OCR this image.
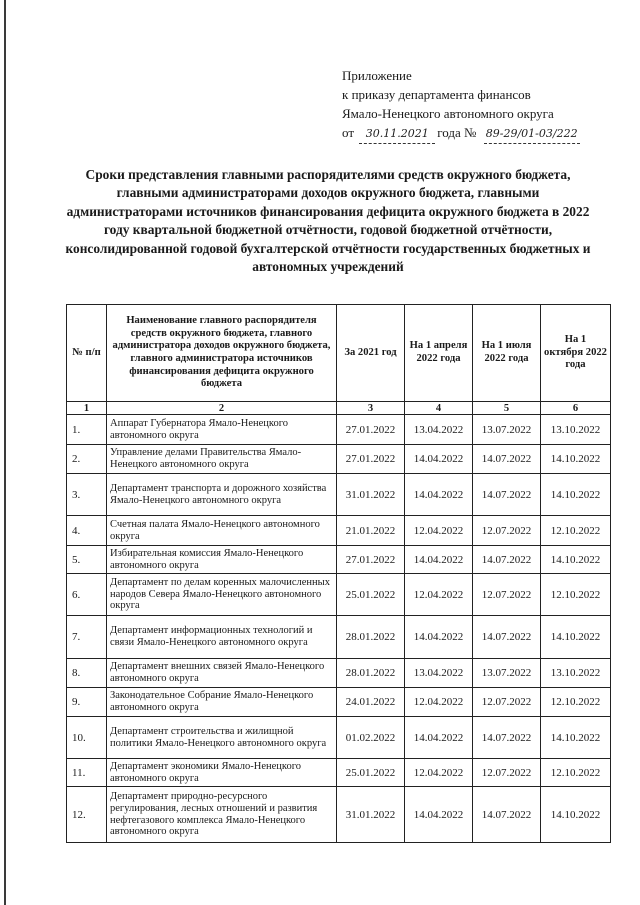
Приложение
к приказу департамента финансов
Ямало-Ненецкого автономного округа
от 30.11.2021 года № 89-29/01-03/222
Сроки представления главными распорядителями средств окружного бюджета, главными администраторами доходов окружного бюджета, главными администраторами источников финансирования дефицита окружного бюджета в 2022 году квартальной бюджетной отчётности, годовой бюджетной отчётности, консолидированной годовой бухгалтерской отчётности государственных бюджетных и автономных учреждений
№ п/п	Наименование главного распорядителя средств окружного бюджета, главного администратора доходов окружного бюджета, главного администратора источников финансирования дефицита окружного бюджета	За 2021 год	На 1 апреля 2022 года	На 1 июля 2022 года	На 1 октября 2022 года
1	2	3	4	5	6
1.	Аппарат Губернатора Ямало-Ненецкого автономного округа	27.01.2022	13.04.2022	13.07.2022	13.10.2022
2.	Управление делами Правительства Ямало-Ненецкого автономного округа	27.01.2022	14.04.2022	14.07.2022	14.10.2022
3.	Департамент транспорта и дорожного хозяйства Ямало-Ненецкого автономного округа	31.01.2022	14.04.2022	14.07.2022	14.10.2022
4.	Счетная палата Ямало-Ненецкого автономного округа	21.01.2022	12.04.2022	12.07.2022	12.10.2022
5.	Избирательная комиссия Ямало-Ненецкого автономного округа	27.01.2022	14.04.2022	14.07.2022	14.10.2022
6.	Департамент по делам коренных малочисленных народов Севера Ямало-Ненецкого автономного округа	25.01.2022	12.04.2022	12.07.2022	12.10.2022
7.	Департамент информационных технологий и связи Ямало-Ненецкого автономного округа	28.01.2022	14.04.2022	14.07.2022	14.10.2022
8.	Департамент внешних связей Ямало-Ненецкого автономного округа	28.01.2022	13.04.2022	13.07.2022	13.10.2022
9.	Законодательное Собрание Ямало-Ненецкого автономного округа	24.01.2022	12.04.2022	12.07.2022	12.10.2022
10.	Департамент строительства и жилищной политики Ямало-Ненецкого автономного округа	01.02.2022	14.04.2022	14.07.2022	14.10.2022
11.	Департамент экономики Ямало-Ненецкого автономного округа	25.01.2022	12.04.2022	12.07.2022	12.10.2022
12.	Департамент природно-ресурсного регулирования, лесных отношений и развития нефтегазового комплекса Ямало-Ненецкого автономного округа	31.01.2022	14.04.2022	14.07.2022	14.10.2022
